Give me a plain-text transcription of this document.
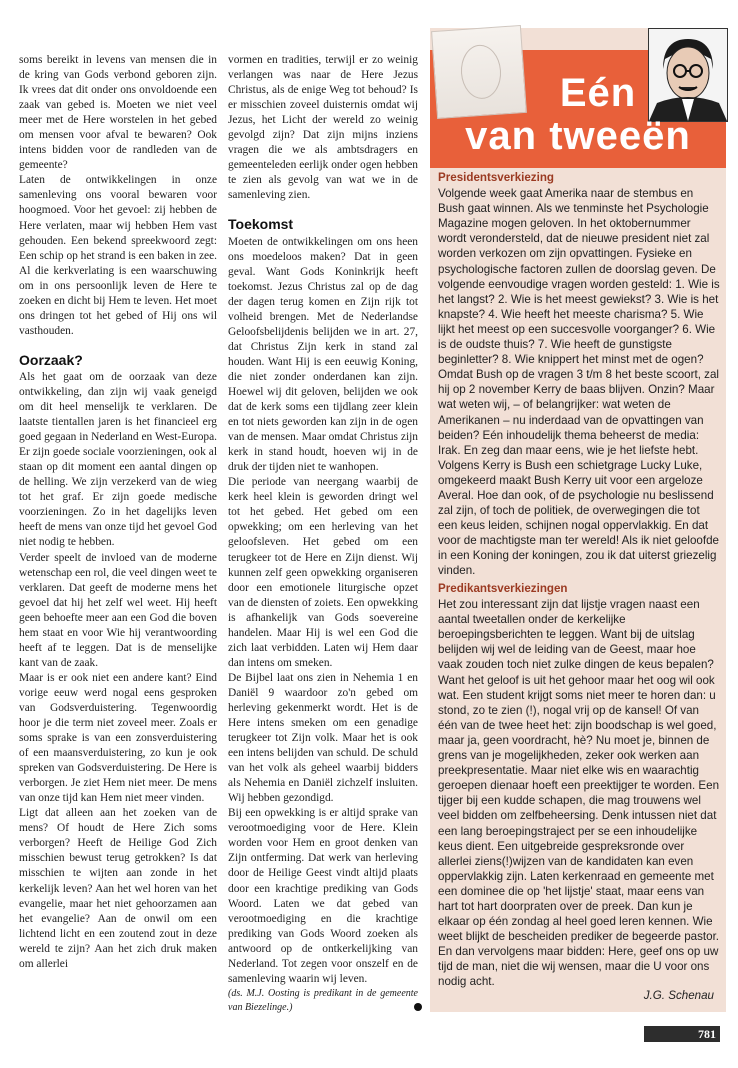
soms bereikt in levens van mensen die in de kring van Gods verbond geboren zijn. Ik vrees dat dit onder ons onvoldoende een zaak van gebed is. Moeten we niet veel meer met de Here worstelen in het gebed om mensen voor afval te bewaren? Ook intens bidden voor de randleden van de gemeente?

Laten de ontwikkelingen in onze samenleving ons vooral bewaren voor hoogmoed. Voor het gevoel: zij hebben de Here verlaten, maar wij hebben Hem vast gehouden. Een bekend spreekwoord zegt: Een schip op het strand is een baken in zee. Al die kerkverlating is een waarschuwing om in ons persoonlijk leven de Here te zoeken en dicht bij Hem te leven. Het moet ons dringen tot het gebed of Hij ons wil vasthouden.

Oorzaak?

Als het gaat om de oorzaak van deze ontwikkeling, dan zijn wij vaak geneigd om dit heel menselijk te verklaren. De laatste tientallen jaren is het financieel erg goed gegaan in Nederland en West-Europa. Er zijn goede sociale voorzieningen, ook al staan op dit moment een aantal dingen op de helling. We zijn verzekerd van de wieg tot het graf. Er zijn goede medische voorzieningen. Zo in het dagelijks leven heeft de mens van onze tijd het gevoel God niet nodig te hebben.

Verder speelt de invloed van de moderne wetenschap een rol, die veel dingen weet te verklaren. Dat geeft de moderne mens het gevoel dat hij het zelf wel weet. Hij heeft geen behoefte meer aan een God die boven hem staat en voor Wie hij verantwoording heeft af te leggen. Dat is de menselijke kant van de zaak.

Maar is er ook niet een andere kant? Eind vorige eeuw werd nogal eens gesproken van Godsverduistering. Tegenwoordig hoor je die term niet zoveel meer. Zoals er soms sprake is van een zonsverduistering of een maansverduistering, zo kun je ook spreken van Godsverduistering. De Here is verborgen. Je ziet Hem niet meer. De mens van onze tijd kan Hem niet meer vinden.

Ligt dat alleen aan het zoeken van de mens? Of houdt de Here Zich soms verborgen? Heeft de Heilige God Zich misschien bewust terug getrokken? Is dat misschien te wijten aan zonde in het kerkelijk leven? Aan het wel horen van het evangelie, maar het niet gehoorzamen aan het evangelie? Aan de onwil om een lichtend licht en een zoutend zout in deze wereld te zijn? Aan het zich druk maken om allerlei

vormen en tradities, terwijl er zo weinig verlangen was naar de Here Jezus Christus, als de enige Weg tot behoud? Is er misschien zoveel duisternis omdat wij Jezus, het Licht der wereld zo weinig gevolgd zijn? Dat zijn mijns inziens vragen die we als ambtsdragers en gemeenteleden eerlijk onder ogen hebben te zien als gevolg van wat we in de samenleving zien.

Toekomst

Moeten de ontwikkelingen om ons heen ons moedeloos maken? Dat in geen geval. Want Gods Koninkrijk heeft toekomst. Jezus Christus zal op de dag der dagen terug komen en Zijn rijk tot volheid brengen. Met de Nederlandse Geloofsbelijdenis belijden we in art. 27, dat Christus Zijn kerk in stand zal houden. Want Hij is een eeuwig Koning, die niet zonder onderdanen kan zijn. Hoewel wij dit geloven, belijden we ook dat de kerk soms een tijdlang zeer klein en tot niets geworden kan zijn in de ogen van de mensen. Maar omdat Christus zijn kerk in stand houdt, hoeven wij in de druk der tijden niet te wanhopen.

Die periode van neergang waarbij de kerk heel klein is geworden dringt wel tot het gebed. Het gebed om een opwekking; om een herleving van het geloofsleven. Het gebed om een terugkeer tot de Here en Zijn dienst. Wij kunnen zelf geen opwekking organiseren door een emotionele liturgische opzet van de diensten of zoiets. Een opwekking is afhankelijk van Gods soevereine handelen. Maar Hij is wel een God die zich laat verbidden. Laten wij Hem daar dan intens om smeken.

De Bijbel laat ons zien in Nehemia 1 en Daniël 9 waardoor zo'n gebed om herleving gekenmerkt wordt. Het is de Here intens smeken om een genadige terugkeer tot Zijn volk. Maar het is ook een intens belijden van schuld. De schuld van het volk als geheel waarbij bidders als Nehemia en Daniël zichzelf insluiten. Wij hebben gezondigd.

Bij een opwekking is er altijd sprake van verootmoediging voor de Here. Klein worden voor Hem en groot denken van Zijn ontferming. Dat werk van herleving door de Heilige Geest vindt altijd plaats door een krachtige prediking van Gods Woord. Laten we dat gebed van verootmoediging en die krachtige prediking van Gods Woord zoeken als antwoord op de ontkerkelijking van Nederland. Tot zegen voor onszelf en de samenleving waarin wij leven.

(ds. M.J. Oosting is predikant in de gemeente van Biezelinge.)

Eén
van tweeën
Presidentsverkiezing

Volgende week gaat Amerika naar de stembus en Bush gaat winnen. Als we tenminste het Psychologie Magazine mogen geloven. In het oktobernummer wordt verondersteld, dat de nieuwe president niet zal worden verkozen om zijn opvattingen. Fysieke en psychologische factoren zullen de doorslag geven. De volgende eenvoudige vragen worden gesteld: 1. Wie is het langst? 2. Wie is het meest gewiekst? 3. Wie is het knapste? 4. Wie heeft het meeste charisma? 5. Wie lijkt het meest op een succesvolle voorganger? 6. Wie is de oudste thuis? 7. Wie heeft de gunstigste beginletter? 8. Wie knippert het minst met de ogen? Omdat Bush op de vragen 3 t/m 8 het beste scoort, zal hij op 2 november Kerry de baas blijven. Onzin? Maar wat weten wij, – of belangrijker: wat weten de Amerikanen – nu inderdaad van de opvattingen van beiden? Eén inhoudelijk thema beheerst de media: Irak. En zeg dan maar eens, wie je het liefste hebt. Volgens Kerry is Bush een schietgrage Lucky Luke, omgekeerd maakt Bush Kerry uit voor een argeloze Averal. Hoe dan ook, of de psychologie nu beslissend zal zijn, of toch de politiek, de overwegingen die tot een keus leiden, schijnen nogal oppervlakkig. En dat voor de machtigste man ter wereld! Als ik niet geloofde in een Koning der koningen, zou ik dat uiterst griezelig vinden.

Predikantsverkiezingen

Het zou interessant zijn dat lijstje vragen naast een aantal tweetallen onder de kerkelijke beroepingsberichten te leggen. Want bij de uitslag belijden wij wel de leiding van de Geest, maar hoe vaak zouden toch niet zulke dingen de keus bepalen? Want het geloof is uit het gehoor maar het oog wil ook wat. Een student krijgt soms niet meer te horen dan: u stond, zo te zien (!), nogal vrij op de kansel! Of van één van de twee heet het: zijn boodschap is wel goed, maar ja, geen voordracht, hè? Nu moet je, binnen de grens van je mogelijkheden, zeker ook werken aan preekpresentatie. Maar niet elke wis en waarachtig geroepen dienaar hoeft een preektijger te worden. Een tijger bij een kudde schapen, die mag trouwens wel veel bidden om zelfbeheersing. Denk intussen niet dat een lang beroepingstraject per se een inhoudelijke keus dient. Een uitgebreide gespreksronde over allerlei ziens(!)wijzen van de kandidaten kan even oppervlakkig zijn. Laten kerkenraad en gemeente met een dominee die op 'het lijstje' staat, maar eens van hart tot hart doorpraten over de preek. Dan kun je elkaar op één zondag al heel goed leren kennen. Wie weet blijkt de bescheiden prediker de begeerde pastor. En dan vervolgens maar bidden: Here, geef ons op uw tijd de man, niet die wij wensen, maar die U voor ons nodig acht.

J.G. Schenau
781
